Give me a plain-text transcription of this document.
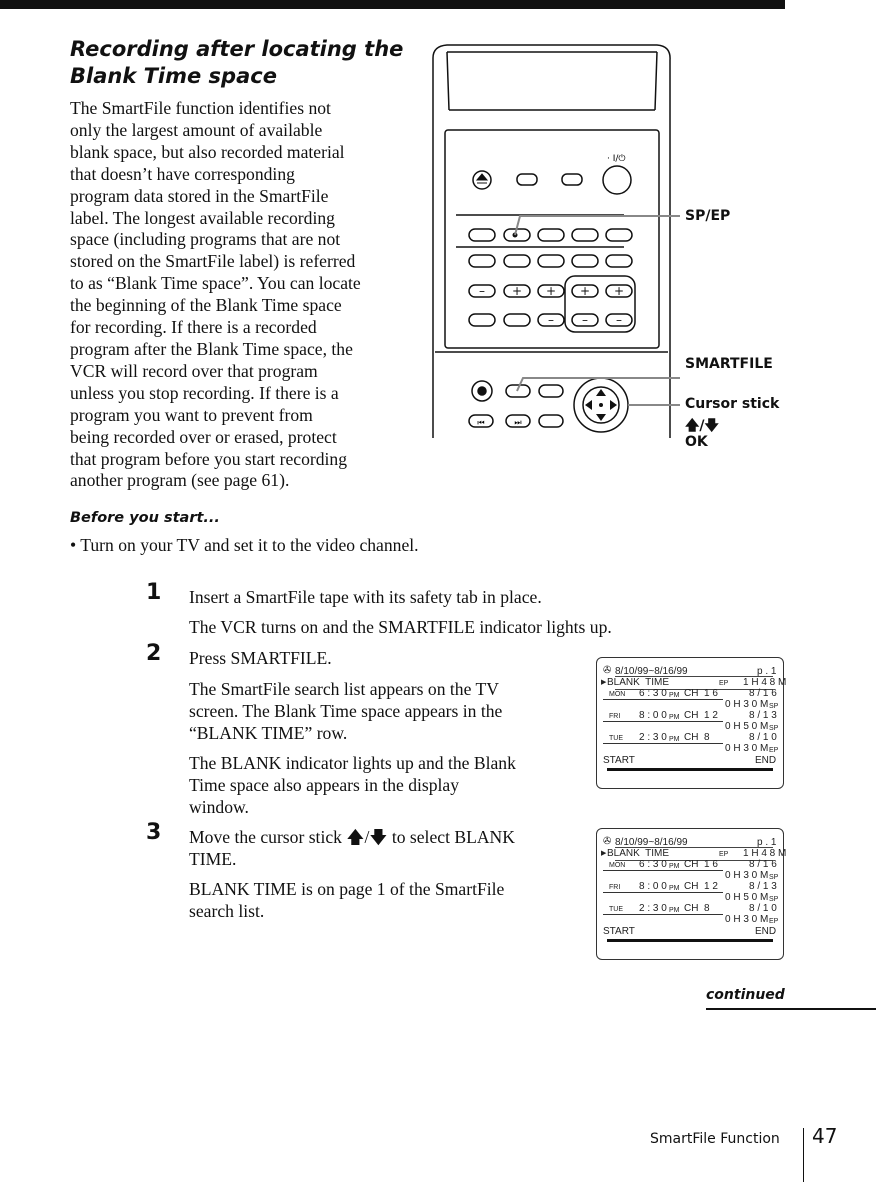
Recording after locating the Blank Time space
The SmartFile function identifies not
only the largest amount of available
blank space, but also recorded material
that doesn’t have corresponding
program data stored in the SmartFile
label. The longest available recording
space (including programs that are not
stored on the SmartFile label) is referred
to as “Blank Time space”. You can locate
the beginning of the Blank Time space
for recording. If there is a recorded
program after the Blank Time space, the
VCR will record over that program
unless you stop recording. If there is a
program you want to prevent from
being recorded over or erased, protect
that program before you start recording
another program (see page 61).
· I/⏻
– + + + +
– – –
⏮	⏭
SP/EP
SMARTFILE
Cursor stick
🡅/🡇
OK
Before you start...
• Turn on your TV and set it to the video channel.
1 Insert a SmartFile tape with its safety tab in place.
The VCR turns on and the SMARTFILE indicator lights up.
2 Press SMARTFILE.
The SmartFile search list appears on the TV
screen. The Blank Time space appears in the
“BLANK TIME” row.
The BLANK indicator lights up and the Blank
Time space also appears in the display
window.
3 Move the cursor stick 🡅/🡇 to select BLANK
TIME.
BLANK TIME is on page 1 of the SmartFile
search list.
✇
▶
8/10/99~8/16/99	p . 1
BLANK  TIME	EP 1 H 4 8 M
MON 6 : 3 0 PM CH  1 6	8 / 1 6
0 H 3 0 M SP
FRI 8 : 0 0 PM CH  1 2	8 / 1 3
0 H 5 0 M SP
TUE 2 : 3 0 PM CH  8	8 / 1 0
0 H 3 0 M EP
START	END
✇
▶
8/10/99~8/16/99	p . 1
BLANK  TIME	EP 1 H 4 8 M
MON 6 : 3 0 PM CH  1 6	8 / 1 6
0 H 3 0 M SP
FRI 8 : 0 0 PM CH  1 2	8 / 1 3
0 H 5 0 M SP
TUE 2 : 3 0 PM CH  8	8 / 1 0
0 H 3 0 M EP
START	END
continued
SmartFile Function 47
